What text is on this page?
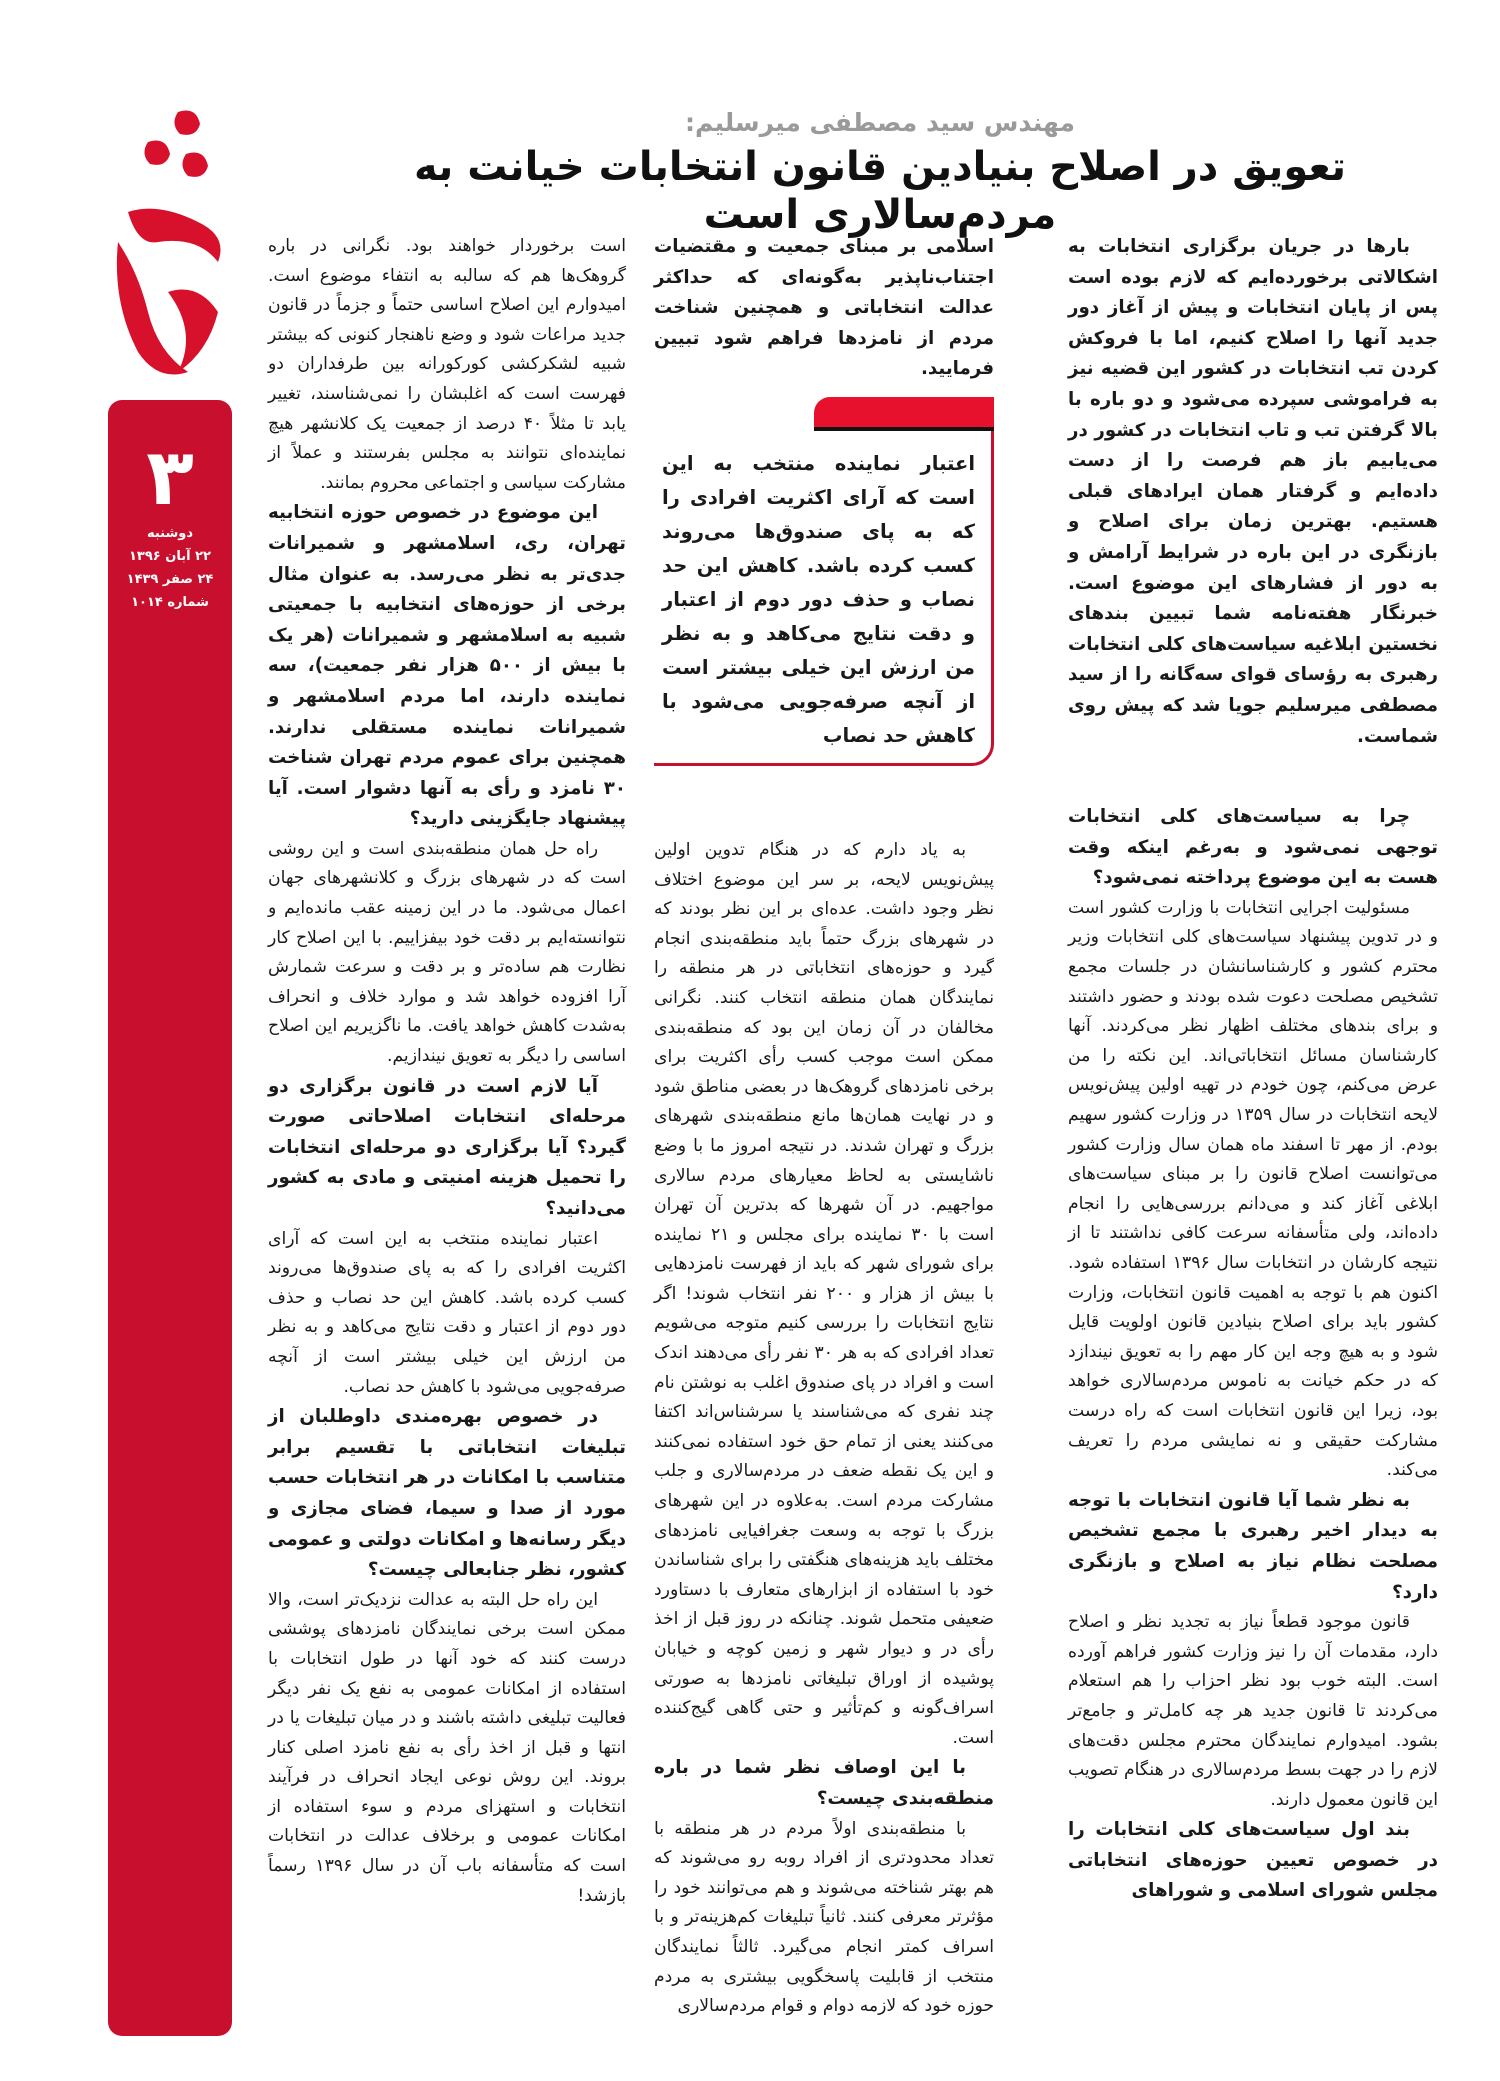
۳
دوشنبه
۲۲ آبان ۱۳۹۶
۲۴ صفر ۱۴۳۹
شماره ۱۰۱۴
مهندس سید مصطفی میرسلیم:
تعویق در اصلاح بنیادین قانون انتخابات خیانت به مردم‌سالاری است

بارها در جریان برگزاری انتخابات به اشکالاتی برخورده‌ایم که لازم بوده است پس از پایان انتخابات و پیش از آغاز دور جدید آنها را اصلاح کنیم، اما با فروکش کردن تب انتخابات در کشور این قضیه نیز به فراموشی سپرده می‌شود و دو باره با بالا گرفتن تب و تاب انتخابات در کشور در می‌یابیم باز هم فرصت را از دست داده‌ایم و گرفتار همان ایرادهای قبلی هستیم. بهترین زمان برای اصلاح و بازنگری در این باره در شرایط آرامش و به دور از فشارهای این موضوع است. خبرنگار هفته‌نامه شما تبیین بندهای نخستین ابلاغیه سیاست‌های کلی انتخابات رهبری به رؤسای قوای سه‌گانه را از سید مصطفی میرسلیم جویا شد که پیش روی شماست.

چرا به سیاست‌های کلی انتخابات توجهی نمی‌شود و به‌رغم اینکه وقت هست به این موضوع پرداخته نمی‌شود؟

مسئولیت اجرایی انتخابات با وزارت کشور است و در تدوین پیشنهاد سیاست‌های کلی انتخابات وزیر محترم کشور و کارشناسانشان در جلسات مجمع تشخیص مصلحت دعوت شده بودند و حضور داشتند و برای بندهای مختلف اظهار نظر می‌کردند. آنها کارشناسان مسائل انتخاباتی‌اند. این نکته را من عرض می‌کنم، چون خودم در تهیه اولین پیش‌نویس لایحه انتخابات در سال ۱۳۵۹ در وزارت کشور سهیم بودم. از مهر تا اسفند ماه همان سال وزارت کشور می‌توانست اصلاح قانون را بر مبنای سیاست‌های ابلاغی آغاز کند و می‌دانم بررسی‌هایی را انجام داده‌اند، ولی متأسفانه سرعت کافی نداشتند تا از نتیجه کارشان در انتخابات سال ۱۳۹۶ استفاده شود. اکنون هم با توجه به اهمیت قانون انتخابات، وزارت کشور باید برای اصلاح بنیادین قانون اولویت قایل شود و به هیچ وجه این کار مهم را به تعویق نیندازد که در حکم خیانت به ناموس مردم‌سالاری خواهد بود، زیرا این قانون انتخابات است که راه درست مشارکت حقیقی و نه نمایشی مردم را تعریف می‌کند.

به نظر شما آیا قانون انتخابات با توجه به دیدار اخیر رهبری با مجمع تشخیص مصلحت نظام نیاز به اصلاح و بازنگری دارد؟

قانون موجود قطعاً نیاز به تجدید نظر و اصلاح دارد، مقدمات آن را نیز وزارت کشور فراهم آورده است. البته خوب بود نظر احزاب را هم استعلام می‌کردند تا قانون جدید هر چه کامل‌تر و جامع‌تر بشود. امیدوارم نمایندگان محترم مجلس دقت‌های لازم را در جهت بسط مردم‌سالاری در هنگام تصویب این قانون معمول دارند.

بند اول سیاست‌های کلی انتخابات را در خصوص تعیین حوزه‌های انتخاباتی مجلس شورای اسلامی و شوراهای

اسلامی بر مبنای جمعیت و مقتضیات اجتناب‌ناپذیر به‌گونه‌ای که حداکثر عدالت انتخاباتی و همچنین شناخت مردم از نامزدها فراهم شود تبیین فرمایید.

اعتبار نماینده منتخب به این است که آرای اکثریت افرادی را که به پای صندوق‌ها می‌روند کسب کرده باشد. کاهش این حد نصاب و حذف دور دوم از اعتبار و دقت نتایج می‌کاهد و به نظر من ارزش این خیلی بیشتر است از آنچه صرفه‌جویی می‌شود با کاهش حد نصاب

به یاد دارم که در هنگام تدوین اولین پیش‌نویس لایحه، بر سر این موضوع اختلاف نظر وجود داشت. عده‌ای بر این نظر بودند که در شهرهای بزرگ حتماً باید منطقه‌بندی انجام گیرد و حوزه‌های انتخاباتی در هر منطقه را نمایندگان همان منطقه انتخاب کنند. نگرانی مخالفان در آن زمان این بود که منطقه‌بندی ممکن است موجب کسب رأی اکثریت برای برخی نامزدهای گروهک‌ها در بعضی مناطق شود و در نهایت همان‌ها مانع منطقه‌بندی شهرهای بزرگ و تهران شدند. در نتیجه امروز ما با وضع ناشایستی به لحاظ معیارهای مردم سالاری مواجهیم. در آن شهرها که بدترین آن تهران است با ۳۰ نماینده برای مجلس و ۲۱ نماینده برای شورای شهر که باید از فهرست نامزدهایی با بیش از هزار و ۲۰۰ نفر انتخاب شوند! اگر نتایج انتخابات را بررسی کنیم متوجه می‌شویم تعداد افرادی که به هر ۳۰ نفر رأی می‌دهند اندک است و افراد در پای صندوق اغلب به نوشتن نام چند نفری که می‌شناسند یا سرشناس‌اند اکتفا می‌کنند یعنی از تمام حق خود استفاده نمی‌کنند و این یک نقطه ضعف در مردم‌سالاری و جلب مشارکت مردم است. به‌علاوه در این شهرهای بزرگ با توجه به وسعت جغرافیایی نامزدهای مختلف باید هزینه‌های هنگفتی را برای شناساندن خود با استفاده از ابزارهای متعارف با دستاورد ضعیفی متحمل شوند. چنانکه در روز قبل از اخذ رأی در و دیوار شهر و زمین کوچه و خیابان پوشیده از اوراق تبلیغاتی نامزدها به صورتی اسراف‌گونه و کم‌تأثیر و حتی گاهی گیج‌کننده است.

با این اوصاف نظر شما در باره منطقه‌بندی چیست؟

با منطقه‌بندی اولاً مردم در هر منطقه با تعداد محدودتری از افراد روبه رو می‌شوند که هم بهتر شناخته می‌شوند و هم می‌توانند خود را مؤثرتر معرفی کنند. ثانیاً تبلیغات کم‌هزینه‌تر و با اسراف کمتر انجام می‌گیرد. ثالثاً نمایندگان منتخب از قابلیت پاسخگویی بیشتری به مردم حوزه خود که لازمه دوام و قوام مردم‌سالاری

است برخوردار خواهند بود. نگرانی در باره گروهک‌ها هم که سالبه به انتفاء موضوع است. امیدوارم این اصلاح اساسی حتماً و جزماً در قانون جدید مراعات شود و وضع ناهنجار کنونی که بیشتر شبیه لشکرکشی کورکورانه بین طرفداران دو فهرست است که اغلبشان را نمی‌شناسند، تغییر یابد تا مثلاً ۴۰ درصد از جمعیت یک کلانشهر هیچ نماینده‌ای نتوانند به مجلس بفرستند و عملاً از مشارکت سیاسی و اجتماعی محروم بمانند.

این موضوع در خصوص حوزه انتخابیه تهران، ری، اسلامشهر و شمیرانات جدی‌تر به نظر می‌رسد. به عنوان مثال برخی از حوزه‌های انتخابیه با جمعیتی شبیه به اسلامشهر و شمیرانات (هر یک با بیش از ۵۰۰ هزار نفر جمعیت)، سه نماینده دارند، اما مردم اسلامشهر و شمیرانات نماینده مستقلی ندارند. همچنین برای عموم مردم تهران شناخت ۳۰ نامزد و رأی به آنها دشوار است. آیا پیشنهاد جایگزینی دارید؟

راه حل همان منطقه‌بندی است و این روشی است که در شهرهای بزرگ و کلانشهرهای جهان اعمال می‌شود. ما در این زمینه عقب مانده‌ایم و نتوانسته‌ایم بر دقت خود بیفزاییم. با این اصلاح کار نظارت هم ساده‌تر و بر دقت و سرعت شمارش آرا افزوده خواهد شد و موارد خلاف و انحراف به‌شدت کاهش خواهد یافت. ما ناگزیریم این اصلاح اساسی را دیگر به تعویق نیندازیم.

آیا لازم است در قانون برگزاری دو مرحله‌ای انتخابات اصلاحاتی صورت گیرد؟ آیا برگزاری دو مرحله‌ای انتخابات را تحمیل هزینه امنیتی و مادی به کشور می‌دانید؟

اعتبار نماینده منتخب به این است که آرای اکثریت افرادی را که به پای صندوق‌ها می‌روند کسب کرده باشد. کاهش این حد نصاب و حذف دور دوم از اعتبار و دقت نتایج می‌کاهد و به نظر من ارزش این خیلی بیشتر است از آنچه صرفه‌جویی می‌شود با کاهش حد نصاب.

در خصوص بهره‌مندی داوطلبان از تبلیغات انتخاباتی با تقسیم برابر متناسب با امکانات در هر انتخابات حسب مورد از صدا و سیما، فضای مجازی و دیگر رسانه‌ها و امکانات دولتی و عمومی کشور، نظر جنابعالی چیست؟

این راه حل البته به عدالت نزدیک‌تر است، والا ممکن است برخی نمایندگان نامزدهای پوششی درست کنند که خود آنها در طول انتخابات با استفاده از امکانات عمومی به نفع یک نفر دیگر فعالیت تبلیغی داشته باشند و در میان تبلیغات یا در انتها و قبل از اخذ رأی به نفع نامزد اصلی کنار بروند. این روش نوعی ایجاد انحراف در فرآیند انتخابات و استهزای مردم و سوء استفاده از امکانات عمومی و برخلاف عدالت در انتخابات است که متأسفانه باب آن در سال ۱۳۹۶ رسماً بازشد!
